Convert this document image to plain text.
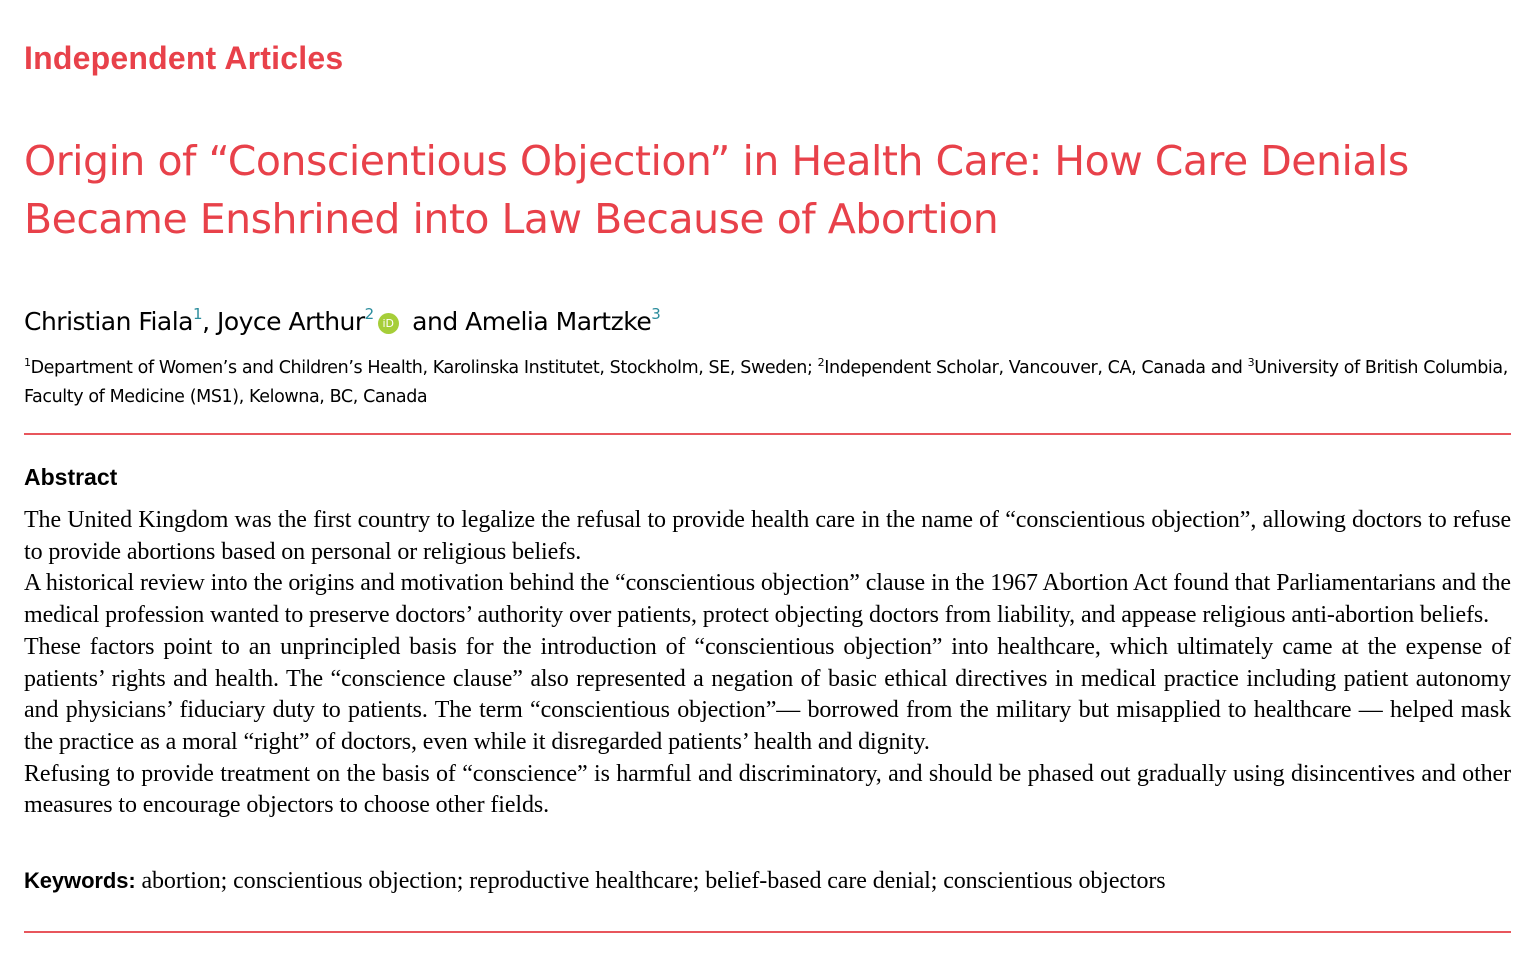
Independent Articles
Origin of “Conscientious Objection” in Health Care: How Care Denials Became Enshrined into Law Because of Abortion
Christian Fiala$^1$, Joyce Arthur$^2$iD and Amelia Martzke$^3$
$^1$Department of Women’s and Children’s Health, Karolinska Institutet, Stockholm, SE, Sweden; $^2$Independent Scholar, Vancouver, CA, Canada and $^3$University of British Columbia, Faculty of Medicine (MS1), Kelowna, BC, Canada
Abstract

The United Kingdom was the first country to legalize the refusal to provide health care in the name of “conscientious objection”, allowing doctors to refuse to provide abortions based on personal or religious beliefs.

A historical review into the origins and motivation behind the “conscientious objection” clause in the 1967 Abortion Act found that Parliamentarians and the medical profession wanted to preserve doctors’ authority over patients, protect objecting doctors from liability, and appease religious anti-abortion beliefs.

These factors point to an unprincipled basis for the introduction of “conscientious objection” into healthcare, which ultimately came at the expense of patients’ rights and health. The “conscience clause” also represented a negation of basic ethical directives in medical practice including patient autonomy and physicians’ fiduciary duty to patients. The term “conscientious objection”— borrowed from the military but misapplied to healthcare — helped mask the practice as a moral “right” of doctors, even while it disregarded patients’ health and dignity.

Refusing to provide treatment on the basis of “conscience” is harmful and discriminatory, and should be phased out gradually using disincentives and other measures to encourage objectors to choose other fields.

Keywords: abortion; conscientious objection; reproductive healthcare; belief-based care denial; conscientious objectors
